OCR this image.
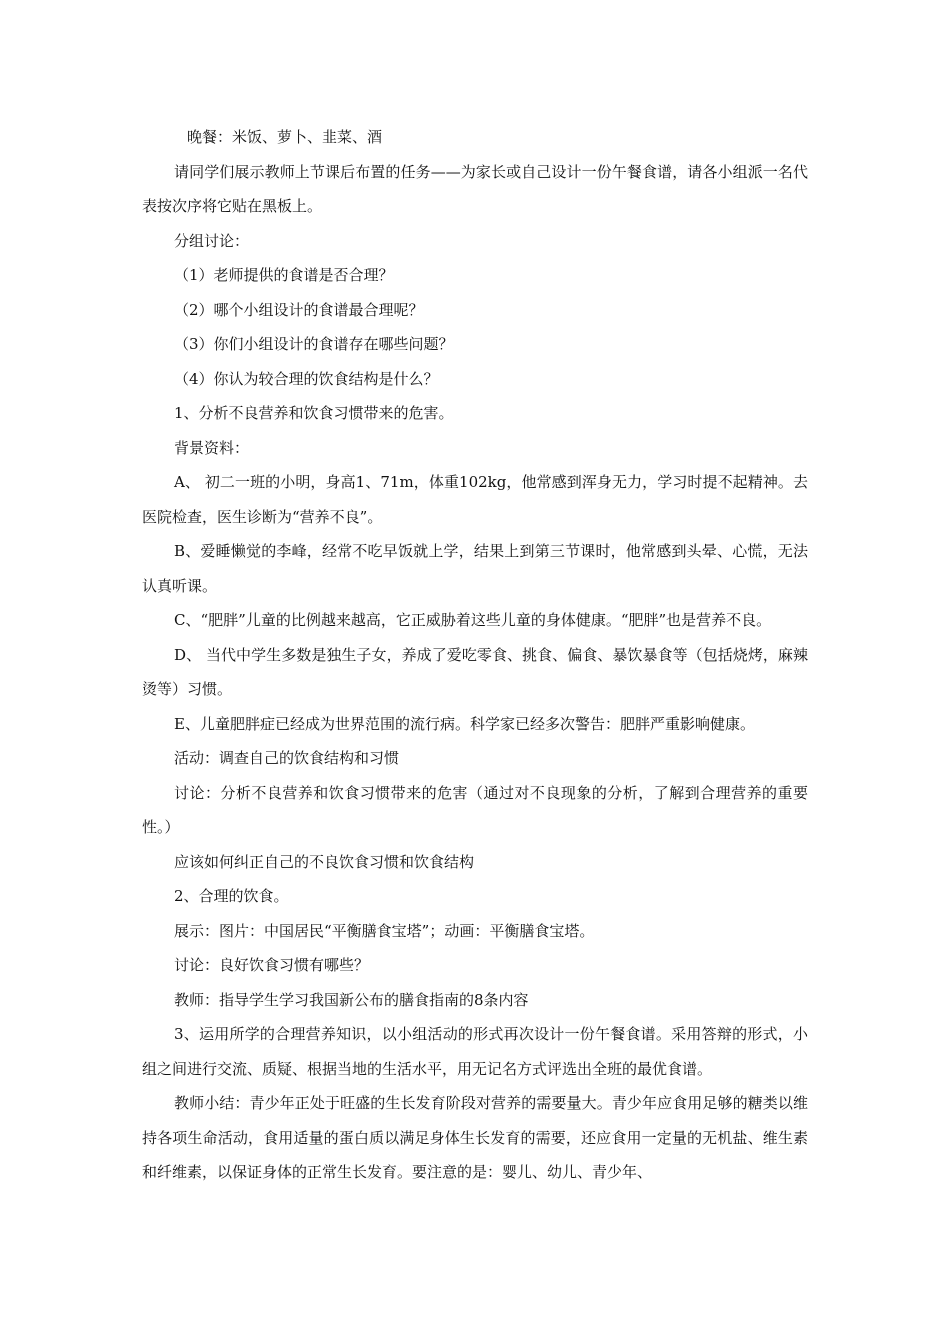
晚餐：米饭、萝卜、韭菜、酒

请同学们展示教师上节课后布置的任务——为家长或自己设计一份午餐食谱，请各小组派一名代表按次序将它贴在黑板上。

分组讨论：

（1）老师提供的食谱是否合理？

（2）哪个小组设计的食谱最合理呢？

（3）你们小组设计的食谱存在哪些问题？

（4）你认为较合理的饮食结构是什么？

1、分析不良营养和饮食习惯带来的危害。

背景资料：

A、 初二一班的小明，身高1、71m，体重102kg，他常感到浑身无力，学习时提不起精神。去医院检查，医生诊断为“营养不良”。

B、爱睡懒觉的李峰，经常不吃早饭就上学，结果上到第三节课时，他常感到头晕、心慌，无法认真听课。

C、“肥胖”儿童的比例越来越高，它正威胁着这些儿童的身体健康。“肥胖”也是营养不良。

D、 当代中学生多数是独生子女，养成了爱吃零食、挑食、偏食、暴饮暴食等（包括烧烤，麻辣烫等）习惯。

E、儿童肥胖症已经成为世界范围的流行病。科学家已经多次警告：肥胖严重影响健康。

活动：调查自己的饮食结构和习惯

讨论：分析不良营养和饮食习惯带来的危害（通过对不良现象的分析，了解到合理营养的重要性。）

应该如何纠正自己的不良饮食习惯和饮食结构

2、合理的饮食。

展示：图片：中国居民“平衡膳食宝塔”；动画：平衡膳食宝塔。

讨论：良好饮食习惯有哪些？

教师：指导学生学习我国新公布的膳食指南的8条内容

3、运用所学的合理营养知识，以小组活动的形式再次设计一份午餐食谱。采用答辩的形式，小组之间进行交流、质疑、根据当地的生活水平，用无记名方式评选出全班的最优食谱。

教师小结：青少年正处于旺盛的生长发育阶段对营养的需要量大。青少年应食用足够的糖类以维持各项生命活动，食用适量的蛋白质以满足身体生长发育的需要，还应食用一定量的无机盐、维生素和纤维素，以保证身体的正常生长发育。要注意的是：婴儿、幼儿、青少年、
